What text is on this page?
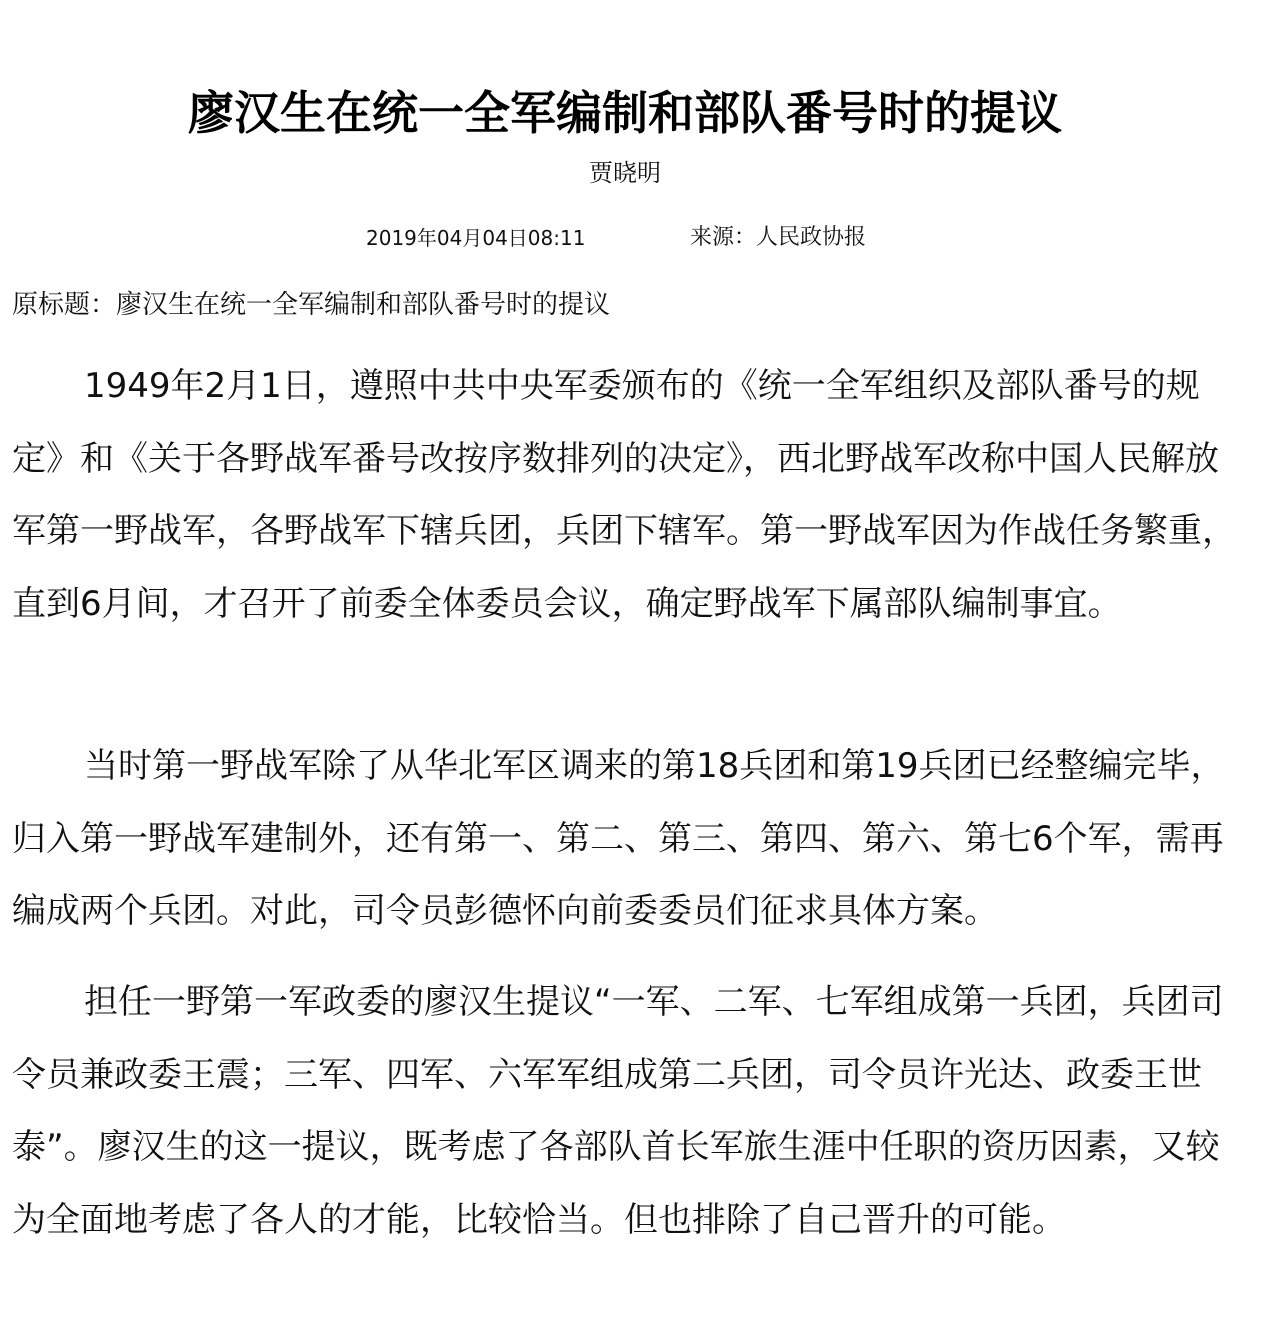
廖汉生在统一全军编制和部队番号时的提议
贾晓明
2019年04月04日08:11	来源：人民政协报
原标题：廖汉生在统一全军编制和部队番号时的提议

1949年2月1日，遵照中共中央军委颁布的《统一全军组织及部队番号的规定》和《关于各野战军番号改按序数排列的决定》，西北野战军改称中国人民解放军第一野战军，各野战军下辖兵团，兵团下辖军。第一野战军因为作战任务繁重，直到6月间，才召开了前委全体委员会议，确定野战军下属部队编制事宜。

当时第一野战军除了从华北军区调来的第18兵团和第19兵团已经整编完毕，归入第一野战军建制外，还有第一、第二、第三、第四、第六、第七6个军，需再编成两个兵团。对此，司令员彭德怀向前委委员们征求具体方案。

担任一野第一军政委的廖汉生提议“一军、二军、七军组成第一兵团，兵团司令员兼政委王震；三军、四军、六军军组成第二兵团，司令员许光达、政委王世泰”。廖汉生的这一提议，既考虑了各部队首长军旅生涯中任职的资历因素，又较为全面地考虑了各人的才能，比较恰当。但也排除了自己晋升的可能。
